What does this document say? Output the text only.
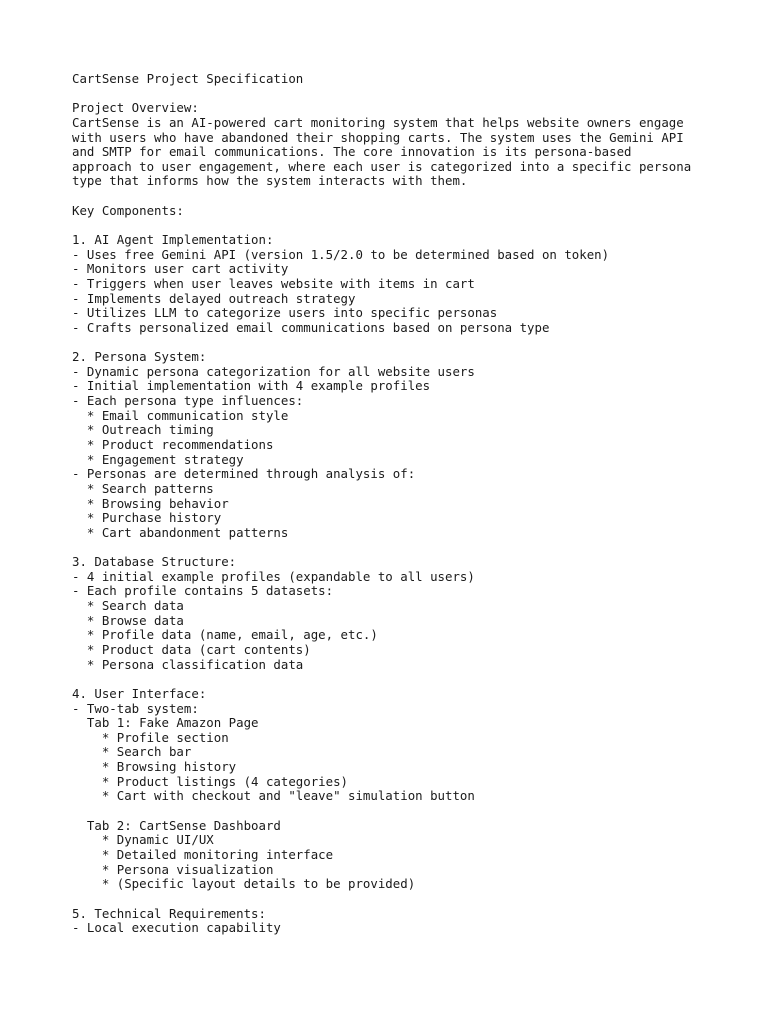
CartSense Project Specification
Project Overview:
CartSense is an AI-powered cart monitoring system that helps website owners engage
with users who have abandoned their shopping carts. The system uses the Gemini API
and SMTP for email communications. The core innovation is its persona-based
approach to user engagement, where each user is categorized into a specific persona
type that informs how the system interacts with them.
Key Components:
1. AI Agent Implementation:
- Uses free Gemini API (version 1.5/2.0 to be determined based on token)
- Monitors user cart activity
- Triggers when user leaves website with items in cart
- Implements delayed outreach strategy
- Utilizes LLM to categorize users into specific personas
- Crafts personalized email communications based on persona type
2. Persona System:
- Dynamic persona categorization for all website users
- Initial implementation with 4 example profiles
- Each persona type influences:
* Email communication style
* Outreach timing
* Product recommendations
* Engagement strategy
- Personas are determined through analysis of:
* Search patterns
* Browsing behavior
* Purchase history
* Cart abandonment patterns
3. Database Structure:
- 4 initial example profiles (expandable to all users)
- Each profile contains 5 datasets:
* Search data
* Browse data
* Profile data (name, email, age, etc.)
* Product data (cart contents)
* Persona classification data
4. User Interface:
- Two-tab system:
Tab 1: Fake Amazon Page
* Profile section
* Search bar
* Browsing history
* Product listings (4 categories)
* Cart with checkout and "leave" simulation button
Tab 2: CartSense Dashboard
* Dynamic UI/UX
* Detailed monitoring interface
* Persona visualization
* (Specific layout details to be provided)
5. Technical Requirements:
- Local execution capability
